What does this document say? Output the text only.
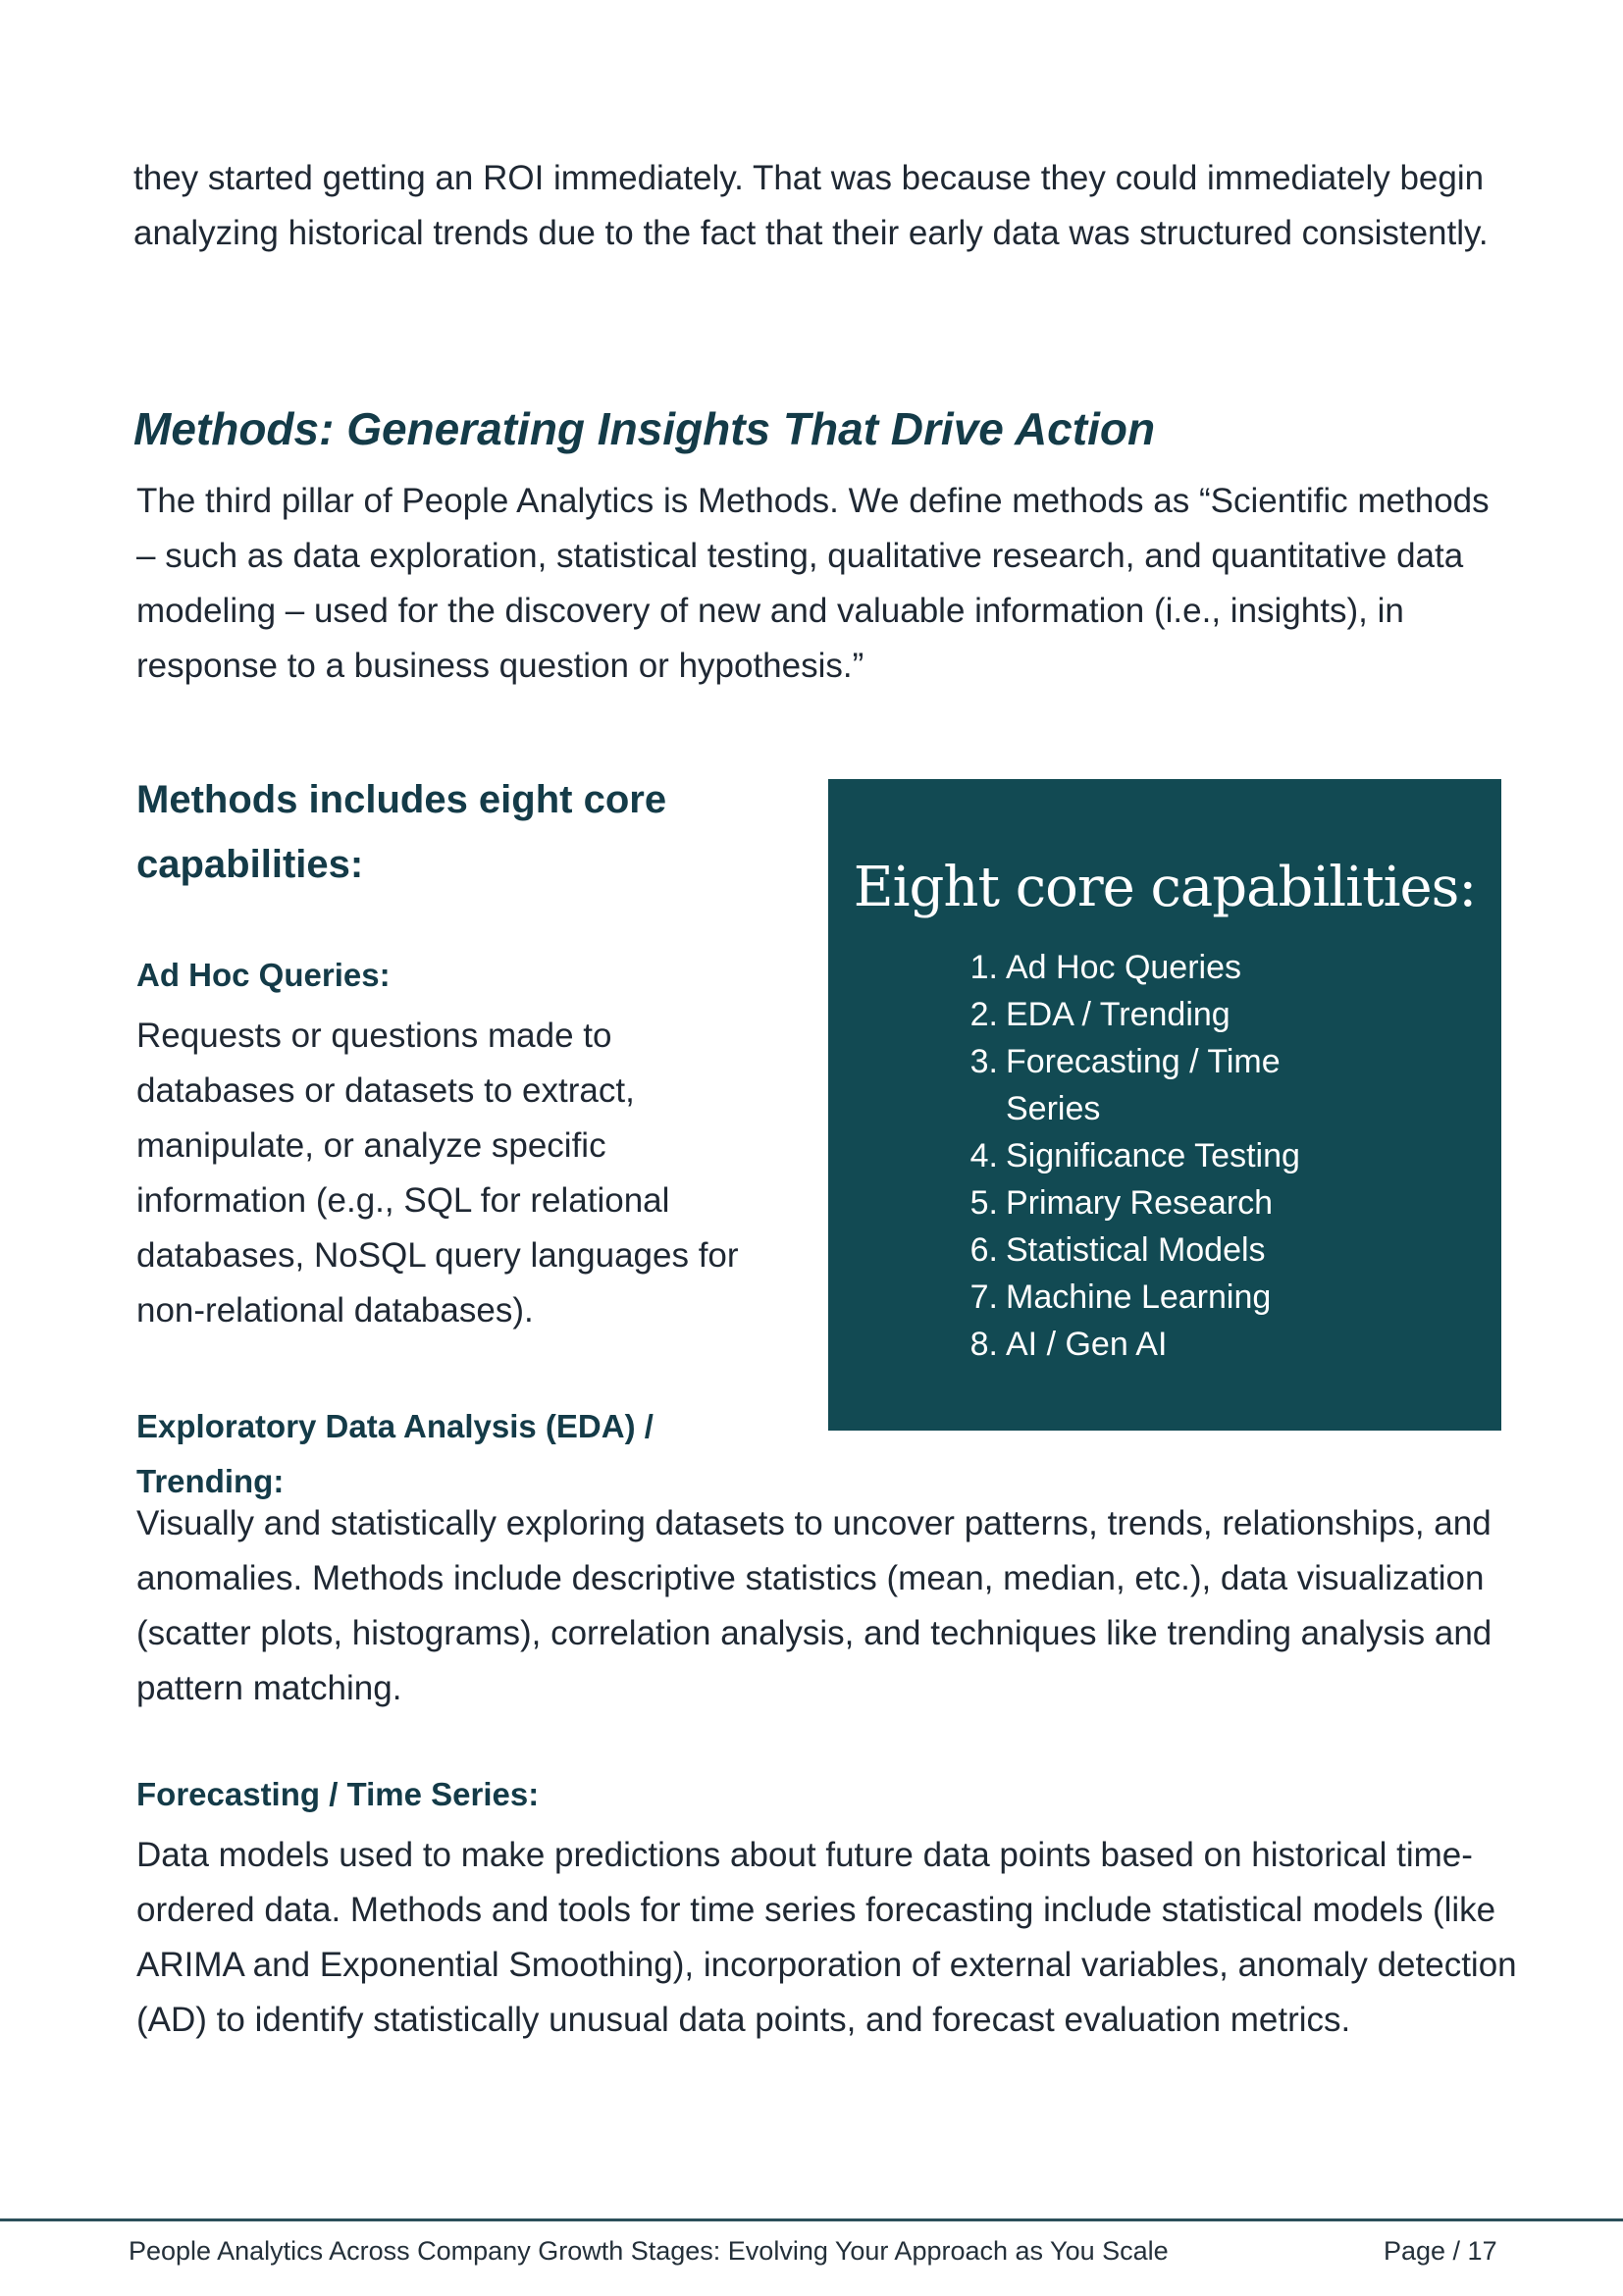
they started getting an ROI immediately. That was because they could immediately begin analyzing historical trends due to the fact that their early data was structured consistently.

Methods: Generating Insights That Drive Action

The third pillar of People Analytics is Methods. We define methods as “Scientific methods – such as data exploration, statistical testing, qualitative research, and quantitative data modeling – used for the discovery of new and valuable information (i.e., insights), in response to a business question or hypothesis.”

Methods includes eight core capabilities:

Ad Hoc Queries:

Requests or questions made to databases or datasets to extract, manipulate, or analyze specific information (e.g., SQL for relational databases, NoSQL query languages for non-relational databases).

Exploratory Data Analysis (EDA) / Trending:

Visually and statistically exploring datasets to uncover patterns, trends, relationships, and anomalies. Methods include descriptive statistics (mean, median, etc.), data visualization (scatter plots, histograms), correlation analysis, and techniques like trending analysis and pattern matching.

Forecasting / Time Series:

Data models used to make predictions about future data points based on historical time-ordered data. Methods and tools for time series forecasting include statistical models (like ARIMA and Exponential Smoothing), incorporation of external variables, anomaly detection (AD) to identify statistically unusual data points, and forecast evaluation metrics.

Eight core capabilities:
1. Ad Hoc Queries
2. EDA / Trending
3. Forecasting / Time Series
4. Significance Testing
5. Primary Research
6. Statistical Models
7. Machine Learning
8. AI / Gen AI
People Analytics Across Company Growth Stages: Evolving Your Approach as You Scale	Page / 17
